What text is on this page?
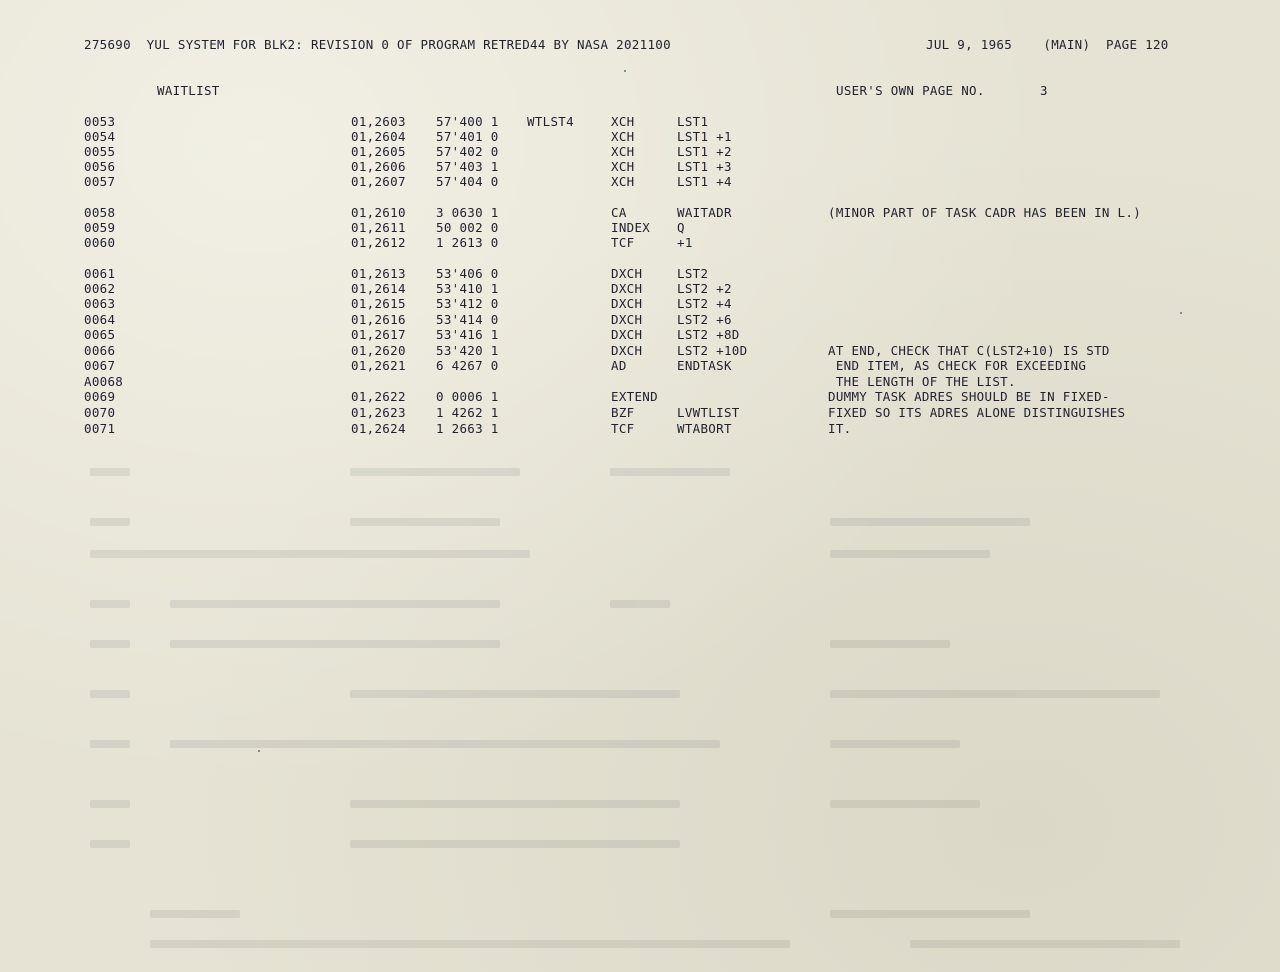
275690  YUL SYSTEM FOR BLK2: REVISION 0 OF PROGRAM RETRED44 BY NASA 2021100	JUL 9, 1965    (MAIN)  PAGE 120
WAITLIST	USER'S OWN PAGE NO.	3
0053	01,2603 57'400 1 WTLST4	XCH	LST1
0054	01,2604 57'401 0	XCH	LST1 +1
0055	01,2605 57'402 0	XCH	LST1 +2
0056	01,2606 57'403 1	XCH	LST1 +3
0057	01,2607 57'404 0	XCH	LST1 +4
0058	01,2610 3 0630 1	CA	WAITADR	(MINOR PART OF TASK CADR HAS BEEN IN L.)
0059	01,2611 50 002 0	INDEX Q
0060	01,2612 1 2613 0	TCF	+1
0061	01,2613 53'406 0	DXCH	LST2
0062	01,2614 53'410 1	DXCH	LST2 +2
0063	01,2615 53'412 0	DXCH	LST2 +4
0064	01,2616 53'414 0	DXCH	LST2 +6
0065	01,2617 53'416 1	DXCH	LST2 +8D
0066	01,2620 53'420 1	DXCH	LST2 +10D	AT END, CHECK THAT C(LST2+10) IS STD
0067	01,2621 6 4267 0	AD	ENDTASK	END ITEM, AS CHECK FOR EXCEEDING
A0068	THE LENGTH OF THE LIST.
0069	01,2622 0 0006 1	EXTEND	DUMMY TASK ADRES SHOULD BE IN FIXED-
0070	01,2623 1 4262 1	BZF	LVWTLIST	FIXED SO ITS ADRES ALONE DISTINGUISHES
0071	01,2624 1 2663 1	TCF	WTABORT	IT.
